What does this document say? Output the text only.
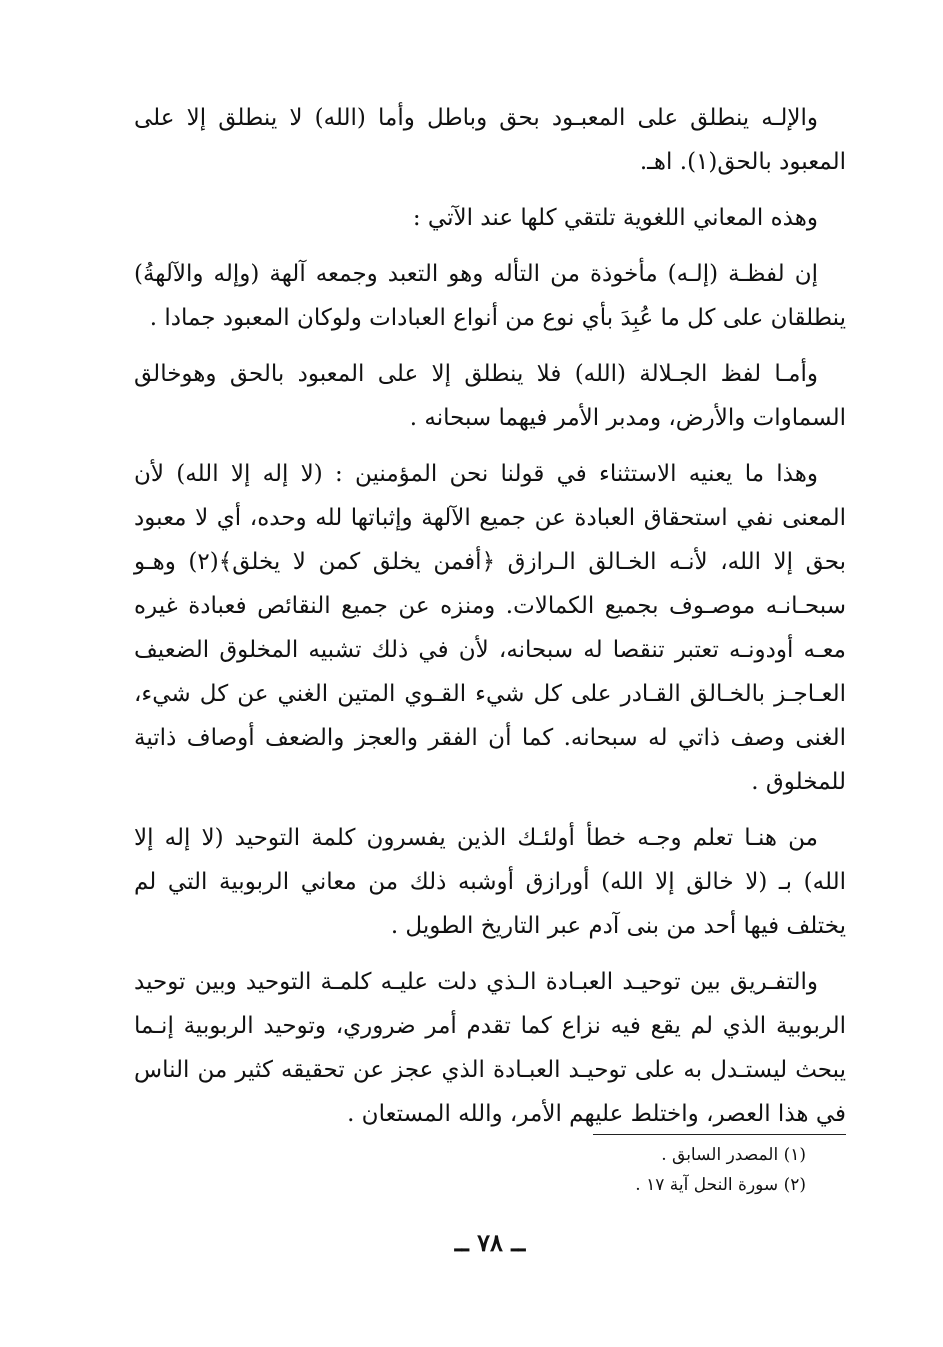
والإلـه ينطلق على المعبـود بحق وباطل وأما (الله) لا ينطلق إلا على المعبود بالحق(١). اهـ.

وهذه المعاني اللغوية تلتقي كلها عند الآتي :

إن لفظـة (إلـه) مأخوذة من التأله وهو التعبد وجمعه آلهة (وإله والآلهةُ) ينطلقان على كل ما عُبِدَ بأي نوع من أنواع العبادات ولوكان المعبود جمادا .

وأمـا لفظ الجـلالة (الله) فلا ينطلق إلا على المعبود بالحق وهوخالق السماوات والأرض، ومدبر الأمر فيهما سبحانه .

وهذا ما يعنيه الاستثناء في قولنا نحن المؤمنين : (لا إله إلا الله) لأن المعنى نفي استحقاق العبادة عن جميع الآلهة وإثباتها لله وحده، أي لا معبود بحق إلا الله، لأنـه الخـالق الـرازق ﴿أفمن يخلق كمن لا يخلق﴾(٢) وهـو سبحـانـه موصـوف بجميع الكمالات. ومنزه عن جميع النقائص فعبادة غيره معـه أودونـه تعتبر تنقصا له سبحانه، لأن في ذلك تشبيه المخلوق الضعيف العـاجـز بالخـالق القـادر على كل شيء القـوي المتين الغني عن كل شيء، الغنى وصف ذاتي له سبحانه. كما أن الفقر والعجز والضعف أوصاف ذاتية للمخلوق .

من هنـا تعلم وجـه خطأ أولئـك الذين يفسرون كلمة التوحيد (لا إله إلا الله) بـ (لا خالق إلا الله) أورازق أوشبه ذلك من معاني الربوبية التي لم يختلف فيها أحد من بنى آدم عبر التاريخ الطويل .

والتفـريق بين توحيـد العبـادة الـذي دلت عليـه كلمـة التوحيد وبين توحيد الربوبية الذي لم يقع فيه نزاع كما تقدم أمر ضروري، وتوحيد الربوبية إنـما يبحث ليستـدل به على توحيـد العبـادة الذي عجز عن تحقيقه كثير من الناس في هذا العصر، واختلط عليهم الأمر، والله المستعان .

(١) المصدر السابق .

(٢) سورة النحل آية ١٧ .

ــ ٧٨ ــ
